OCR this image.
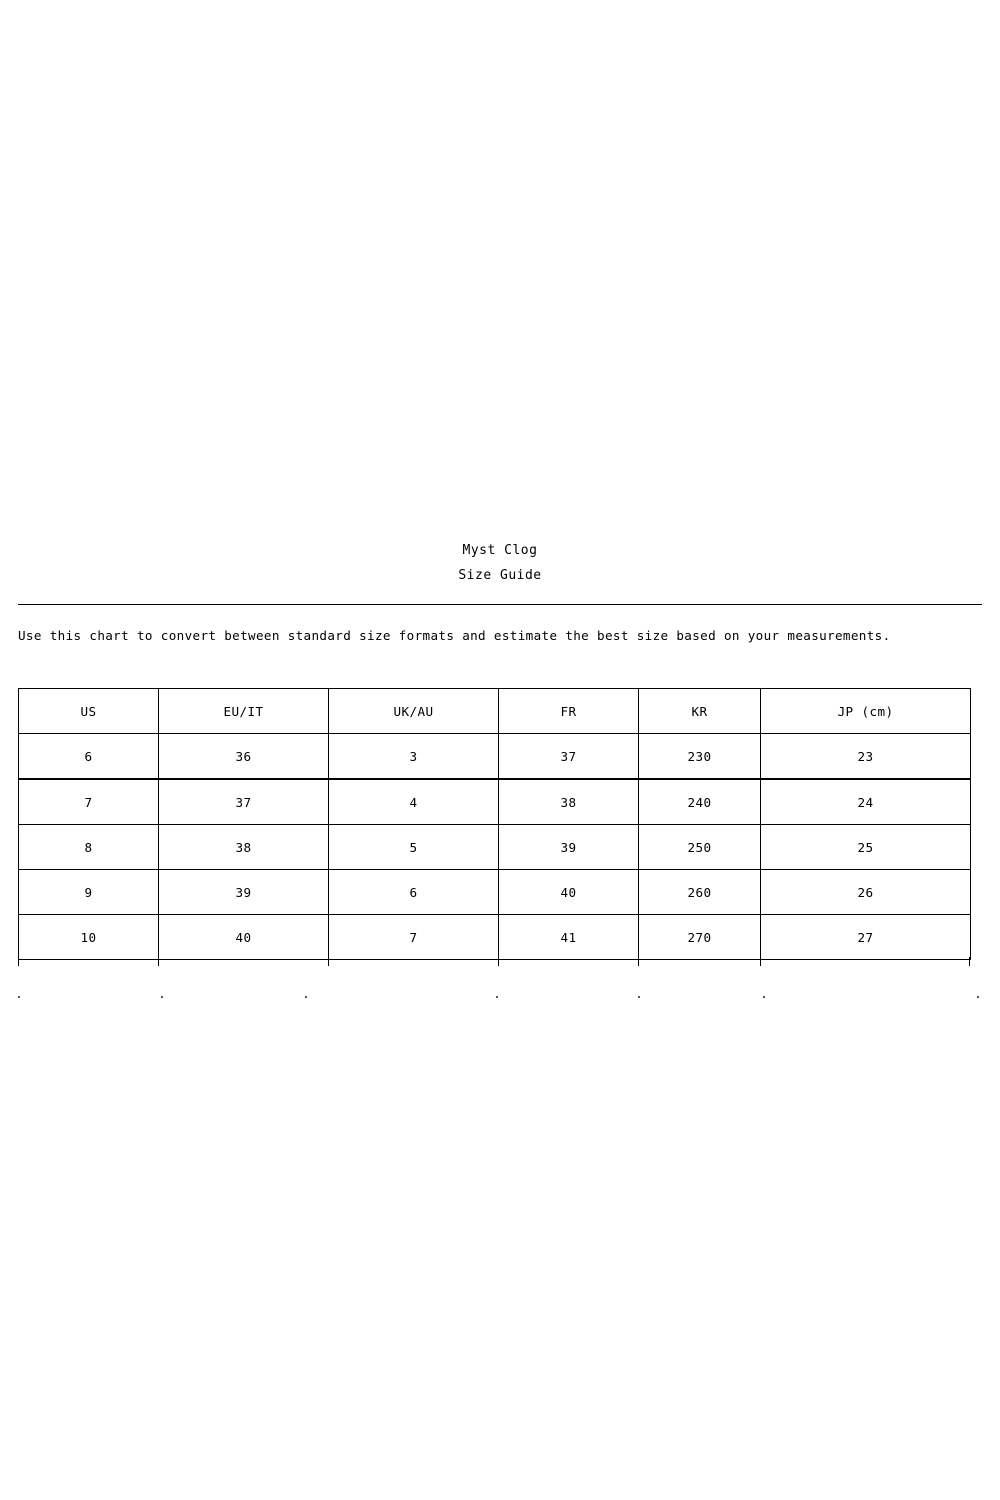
Myst Clog
Size Guide
Use this chart to convert between standard size formats and estimate the best size based on your measurements.
US	EU/IT	UK/AU	FR	KR	JP (cm)
6	36	3	37	230	23
7	37	4	38	240	24
8	38	5	39	250	25
9	39	6	40	260	26
10	40	7	41	270	27
